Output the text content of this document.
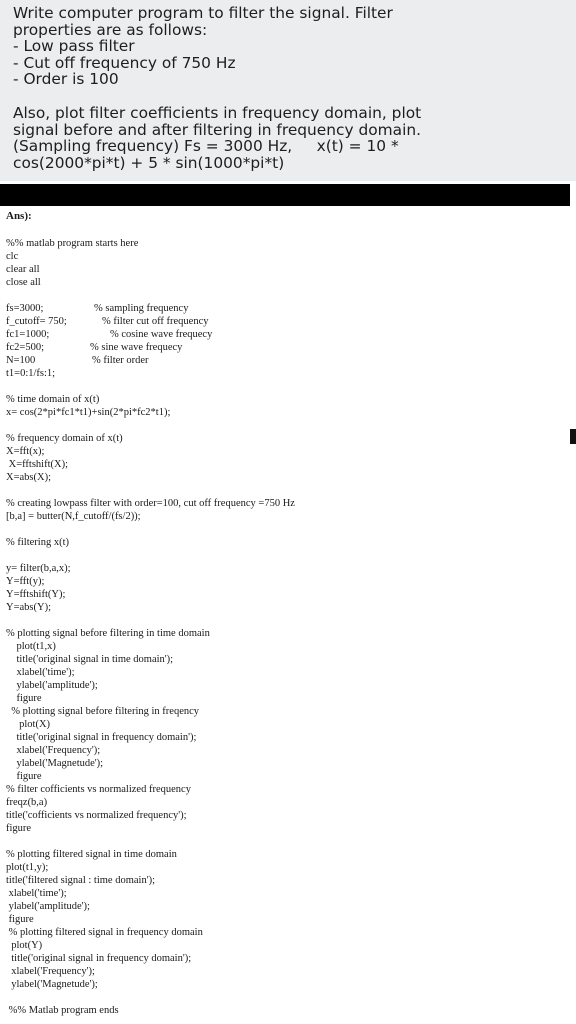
Write computer program to filter the signal. Filter
properties are as follows:
- Low pass filter
- Cut off frequency of 750 Hz
- Order is 100
Also, plot filter coefficients in frequency domain, plot
signal before and after filtering in frequency domain.
(Sampling frequency) Fs = 3000 Hz,     x(t) = 10 *
cos(2000*pi*t) + 5 * sin(1000*pi*t)
Ans):
%% matlab program starts here
clc
clear all
close all
fs=3000;	% sampling frequency
f_cutoff= 750;	% filter cut off frequency
fc1=1000;	% cosine wave frequecy
fc2=500;	% sine wave frequecy
N=100	% filter order
t1=0:1/fs:1;
% time domain of x(t)
x= cos(2*pi*fc1*t1)+sin(2*pi*fc2*t1);
% frequency domain of x(t)
X=fft(x);
X=fftshift(X);
X=abs(X);
% creating lowpass filter with order=100, cut off frequency =750 Hz
[b,a] = butter(N,f_cutoff/(fs/2));
% filtering x(t)
y= filter(b,a,x);
Y=fft(y);
Y=fftshift(Y);
Y=abs(Y);
% plotting signal before filtering in time domain
plot(t1,x)
title('original signal in time domain');
xlabel('time');
ylabel('amplitude');
figure
% plotting signal before filtering in freqency
plot(X)
title('original signal in frequency domain');
xlabel('Frequency');
ylabel('Magnetude');
figure
% filter cofficients vs normalized frequency
freqz(b,a)
title('cofficients vs normalized frequency');
figure
% plotting filtered signal in time domain
plot(t1,y);
title('filtered signal : time domain');
xlabel('time');
ylabel('amplitude');
figure
% plotting filtered signal in frequency domain
plot(Y)
title('original signal in frequency domain');
xlabel('Frequency');
ylabel('Magnetude');
%% Matlab program ends
